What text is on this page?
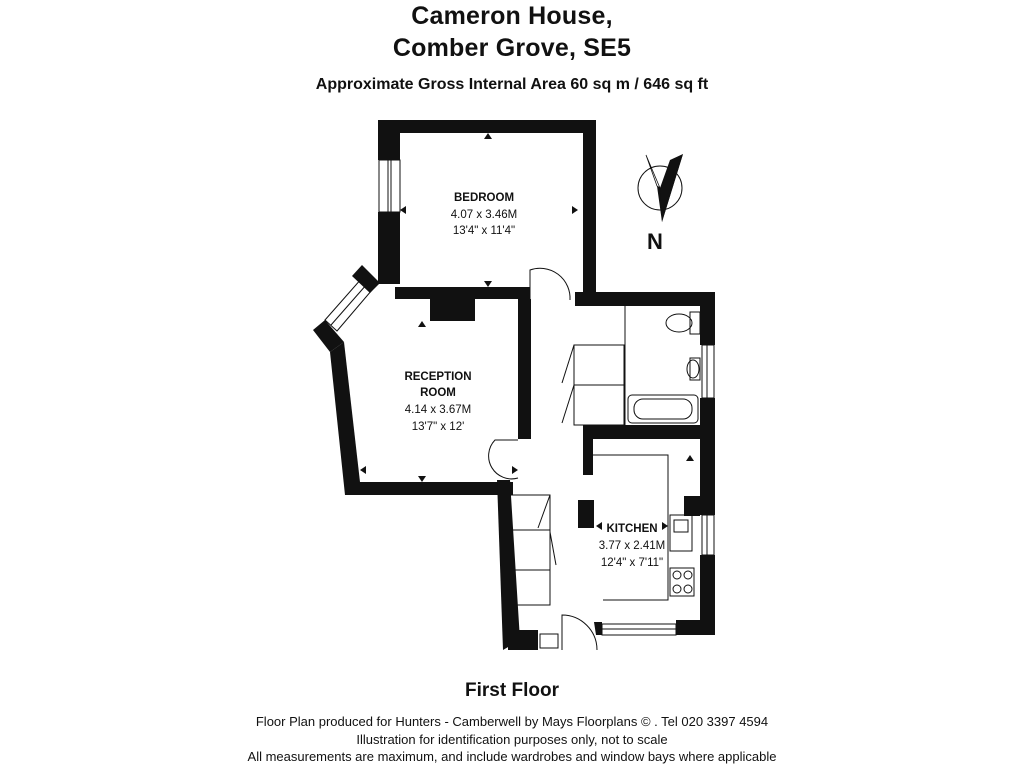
Cameron House,
Comber Grove, SE5
Approximate Gross Internal Area 60 sq m / 646 sq ft
N
BEDROOM
4.07 x 3.46M
13'4" x 11'4"
RECEPTION
ROOM
4.14 x 3.67M
13'7" x 12'
KITCHEN
3.77 x 2.41M
12'4" x 7'11"
First Floor
Floor Plan produced for Hunters - Camberwell by Mays Floorplans © . Tel 020 3397 4594
Illustration for identification purposes only, not to scale
All measurements are maximum, and include wardrobes and window bays where applicable
